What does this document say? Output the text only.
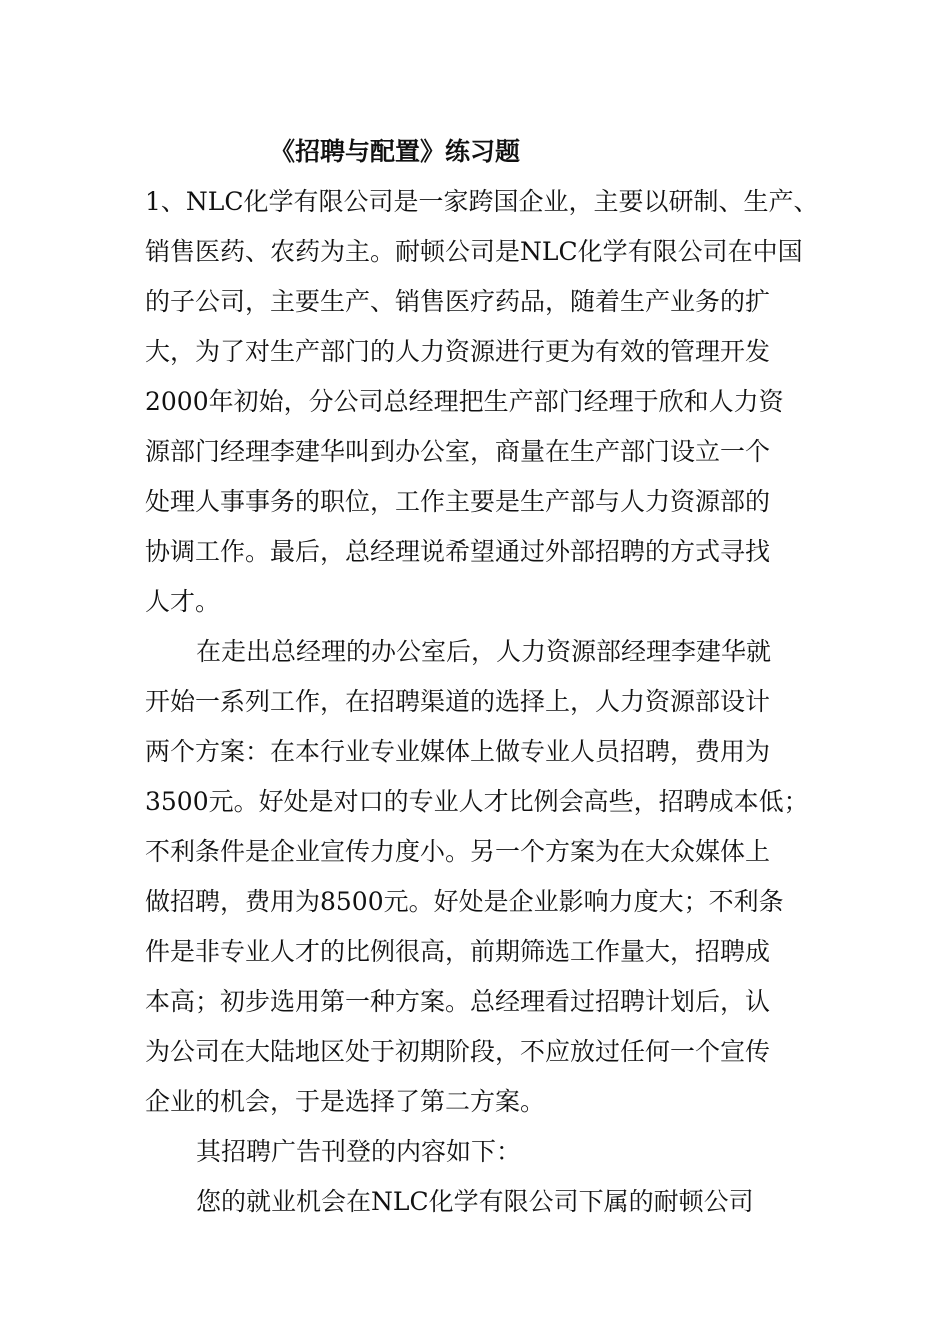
《招聘与配置》练习题
1、NLC化学有限公司是一家跨国企业，主要以研制、生产、
销售医药、农药为主。耐顿公司是NLC化学有限公司在中国
的子公司，主要生产、销售医疗药品，随着生产业务的扩
大，为了对生产部门的人力资源进行更为有效的管理开发
2000年初始，分公司总经理把生产部门经理于欣和人力资
源部门经理李建华叫到办公室，商量在生产部门设立一个
处理人事事务的职位，工作主要是生产部与人力资源部的
协调工作。最后，总经理说希望通过外部招聘的方式寻找
人才。
在走出总经理的办公室后，人力资源部经理李建华就
开始一系列工作，在招聘渠道的选择上，人力资源部设计
两个方案：在本行业专业媒体上做专业人员招聘，费用为
3500元。好处是对口的专业人才比例会高些，招聘成本低；
不利条件是企业宣传力度小。另一个方案为在大众媒体上
做招聘，费用为8500元。好处是企业影响力度大；不利条
件是非专业人才的比例很高，前期筛选工作量大，招聘成
本高；初步选用第一种方案。总经理看过招聘计划后，认
为公司在大陆地区处于初期阶段，不应放过任何一个宣传
企业的机会，于是选择了第二方案。
其招聘广告刊登的内容如下：
您的就业机会在NLC化学有限公司下属的耐顿公司
